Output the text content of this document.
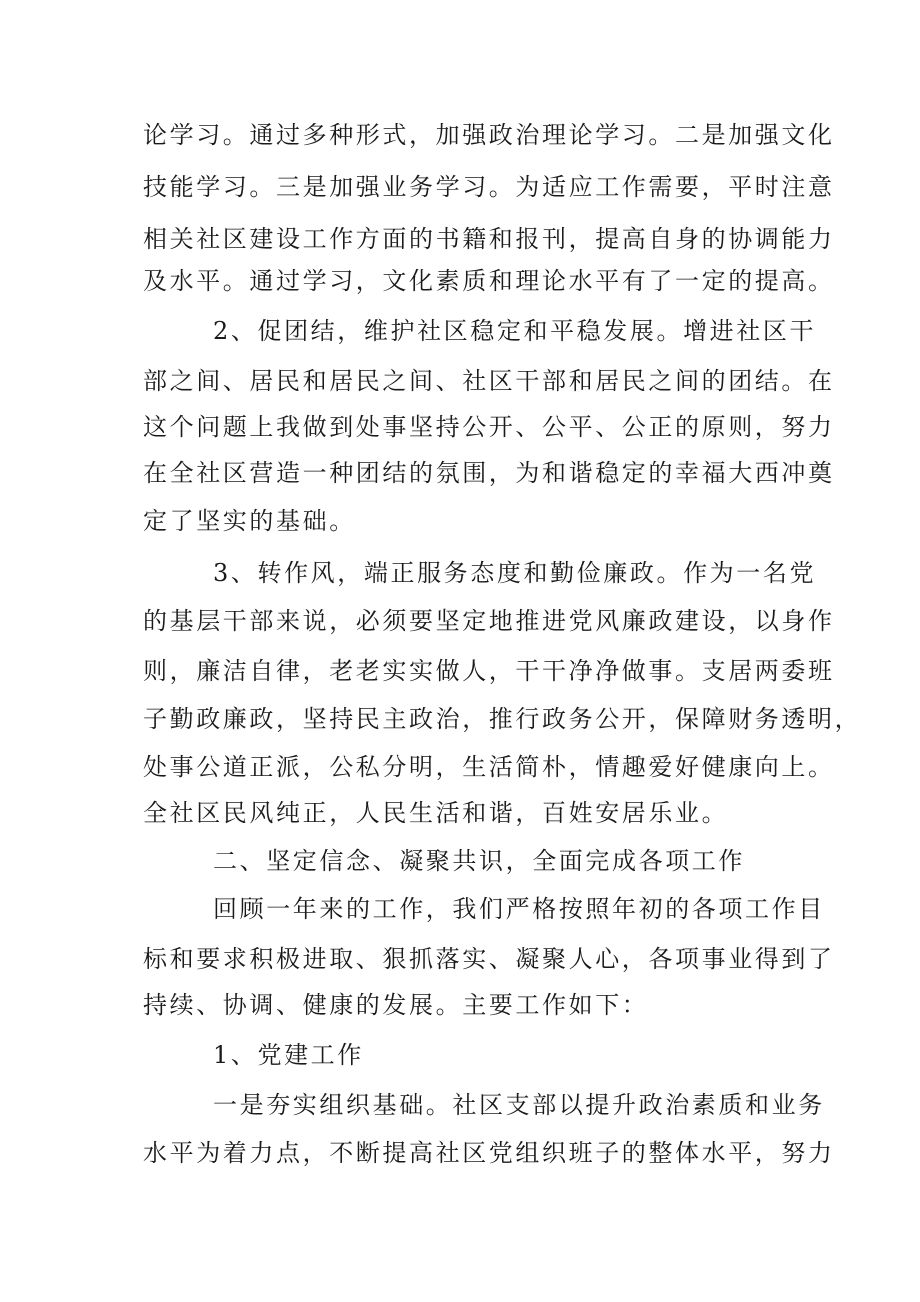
论学习。通过多种形式，加强政治理论学习。二是加强文化
技能学习。三是加强业务学习。为适应工作需要，平时注意
相关社区建设工作方面的书籍和报刊，提高自身的协调能力
及水平。通过学习，文化素质和理论水平有了一定的提高。
2、促团结，维护社区稳定和平稳发展。增进社区干
部之间、居民和居民之间、社区干部和居民之间的团结。在
这个问题上我做到处事坚持公开、公平、公正的原则，努力
在全社区营造一种团结的氛围，为和谐稳定的幸福大西冲奠
定了坚实的基础。
3、转作风，端正服务态度和勤俭廉政。作为一名党
的基层干部来说，必须要坚定地推进党风廉政建设，以身作
则，廉洁自律，老老实实做人，干干净净做事。支居两委班
子勤政廉政，坚持民主政治，推行政务公开，保障财务透明，
处事公道正派，公私分明，生活简朴，情趣爱好健康向上。
全社区民风纯正，人民生活和谐，百姓安居乐业。
二、坚定信念、凝聚共识，全面完成各项工作
回顾一年来的工作，我们严格按照年初的各项工作目
标和要求积极进取、狠抓落实、凝聚人心，各项事业得到了
持续、协调、健康的发展。主要工作如下：
1、党建工作
一是夯实组织基础。社区支部以提升政治素质和业务
水平为着力点，不断提高社区党组织班子的整体水平，努力
